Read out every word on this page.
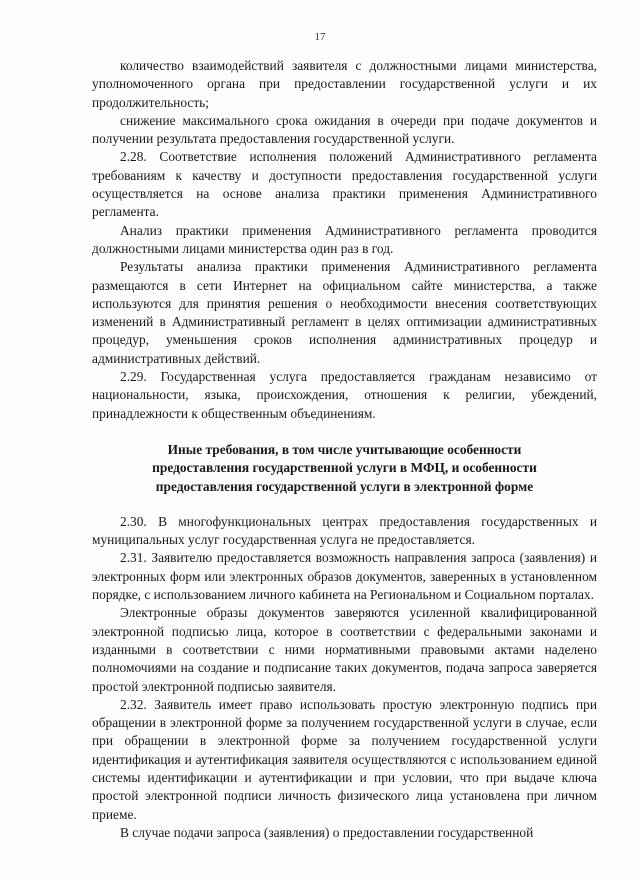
17

количество взаимодействий заявителя с должностными лицами министерства, уполномоченного органа при предоставлении государственной услуги и их продолжительность;

снижение максимального срока ожидания в очереди при подаче документов и получении результата предоставления государственной услуги.

2.28. Соответствие исполнения положений Административного регламента требованиям к качеству и доступности предоставления государственной услуги осуществляется на основе анализа практики применения Административного регламента.

Анализ практики применения Административного регламента проводится должностными лицами министерства один раз в год.

Результаты анализа практики применения Административного регламента размещаются в сети Интернет на официальном сайте министерства, а также используются для принятия решения о необходимости внесения соответствующих изменений в Административный регламент в целях оптимизации административных процедур, уменьшения сроков исполнения административных процедур и административных действий.

2.29. Государственная услуга предоставляется гражданам независимо от национальности, языка, происхождения, отношения к религии, убеждений, принадлежности к общественным объединениям.

Иные требования, в том числе учитывающие особенности
предоставления государственной услуги в МФЦ, и особенности
предоставления государственной услуги в электронной форме

2.30. В многофункциональных центрах предоставления государственных и муниципальных услуг государственная услуга не предоставляется.

2.31. Заявителю предоставляется возможность направления запроса (заявления) и электронных форм или электронных образов документов, заверенных в установленном порядке, с использованием личного кабинета на Региональном и Социальном порталах.

Электронные образы документов заверяются усиленной квалифицированной электронной подписью лица, которое в соответствии с федеральными законами и изданными в соответствии с ними нормативными правовыми актами наделено полномочиями на создание и подписание таких документов, подача запроса заверяется простой электронной подписью заявителя.

2.32. Заявитель имеет право использовать простую электронную подпись при обращении в электронной форме за получением государственной услуги в случае, если при обращении в электронной форме за получением государственной услуги идентификация и аутентификация заявителя осуществляются с использованием единой системы идентификации и аутентификации и при условии, что при выдаче ключа простой электронной подписи личность физического лица установлена при личном приеме.

В случае подачи запроса (заявления) о предоставлении государственной
